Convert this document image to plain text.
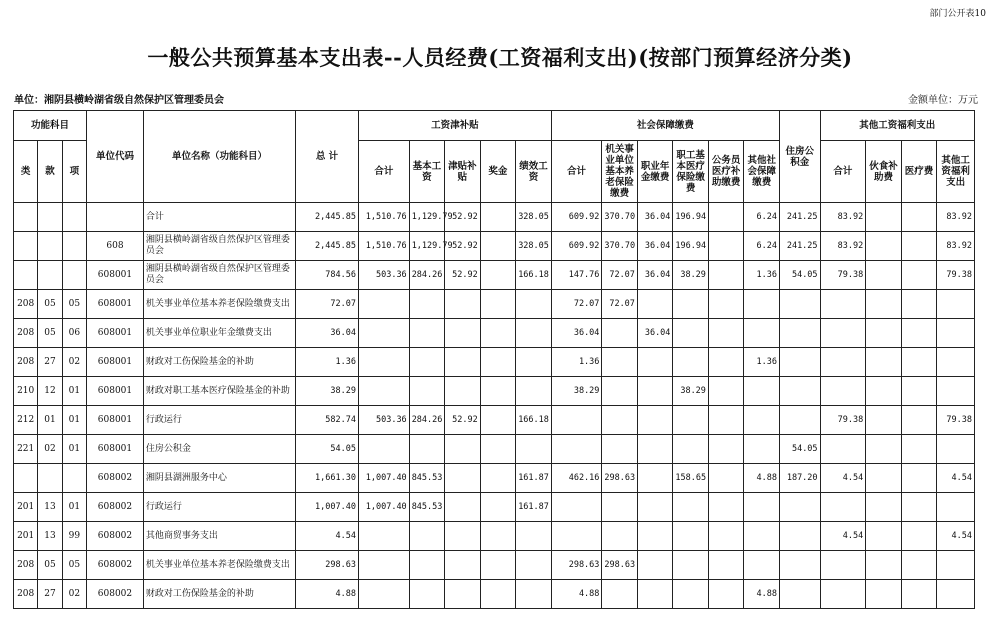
部门公开表10
一般公共预算基本支出表--人员经费(工资福利支出)(按部门预算经济分类)
单位：湘阴县横岭湖省级自然保护区管理委员会	金额单位：万元
功能科目			单位代码	单位名称（功能科目）	总 计	工资津补贴					社会保障缴费						住房公积金	其他工资福利支出			
类	款	项				合计	基本工资	津贴补贴	奖金	绩效工资	合计	机关事业单位基本养老保险缴费	职业年金缴费	职工基本医疗保险缴费	公务员医疗补助缴费	其他社会保障缴费		合计	伙食补助费	医疗费	其他工资福利支出
				合计	2,445.85	1,510.76	1,129.79	52.92		328.05	609.92	370.70	36.04	196.94		6.24	241.25	83.92			83.92
			608	湘阴县横岭湖省级自然保护区管理委员会	2,445.85	1,510.76	1,129.79	52.92		328.05	609.92	370.70	36.04	196.94		6.24	241.25	83.92			83.92
			608001	湘阴县横岭湖省级自然保护区管理委员会	784.56	503.36	284.26	52.92		166.18	147.76	72.07	36.04	38.29		1.36	54.05	79.38			79.38
208	05	05	608001	机关事业单位基本养老保险缴费支出	72.07						72.07	72.07									
208	05	06	608001	机关事业单位职业年金缴费支出	36.04						36.04		36.04								
208	27	02	608001	财政对工伤保险基金的补助	1.36						1.36					1.36					
210	12	01	608001	财政对职工基本医疗保险基金的补助	38.29						38.29			38.29							
212	01	01	608001	行政运行	582.74	503.36	284.26	52.92		166.18								79.38			79.38
221	02	01	608001	住房公积金	54.05												54.05				
			608002	湘阴县湖洲服务中心	1,661.30	1,007.40	845.53			161.87	462.16	298.63		158.65		4.88	187.20	4.54			4.54
201	13	01	608002	行政运行	1,007.40	1,007.40	845.53			161.87											
201	13	99	608002	其他商贸事务支出	4.54													4.54			4.54
208	05	05	608002	机关事业单位基本养老保险缴费支出	298.63						298.63	298.63									
208	27	02	608002	财政对工伤保险基金的补助	4.88						4.88					4.88					
